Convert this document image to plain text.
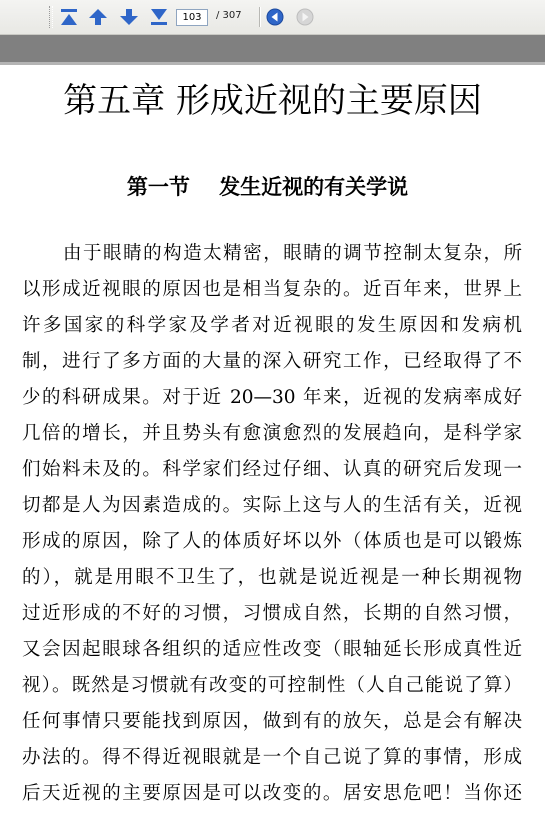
103	/ 307
第五章 形成近视的主要原因
第一节    发生近视的有关学说
由于眼睛的构造太精密，眼睛的调节控制太复杂，所
以形成近视眼的原因也是相当复杂的。近百年来，世界上
许多国家的科学家及学者对近视眼的发生原因和发病机
制，进行了多方面的大量的深入研究工作，已经取得了不
少的科研成果。对于近 20—30 年来，近视的发病率成好
几倍的增长，并且势头有愈演愈烈的发展趋向，是科学家
们始料未及的。科学家们经过仔细、认真的研究后发现一
切都是人为因素造成的。实际上这与人的生活有关，近视
形成的原因，除了人的体质好坏以外（体质也是可以锻炼
的），就是用眼不卫生了，也就是说近视是一种长期视物
过近形成的不好的习惯，习惯成自然，长期的自然习惯，
又会因起眼球各组织的适应性改变（眼轴延长形成真性近
视）。既然是习惯就有改变的可控制性（人自己能说了算）
任何事情只要能找到原因，做到有的放矢，总是会有解决
办法的。得不得近视眼就是一个自己说了算的事情，形成
后天近视的主要原因是可以改变的。居安思危吧！当你还
